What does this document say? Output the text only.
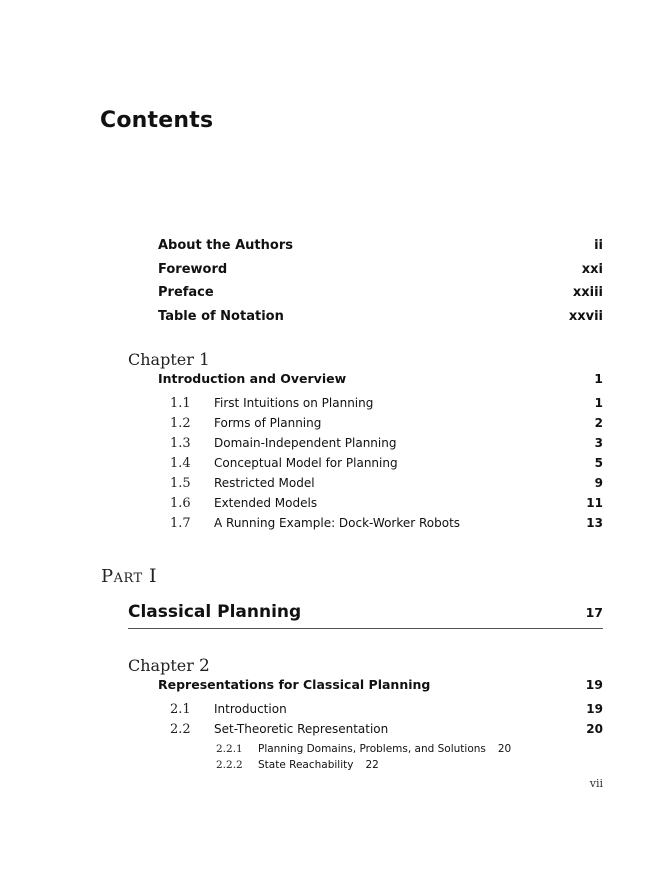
Contents
About the Authors	ii
Foreword	xxi
Preface	xxiii
Table of Notation	xxvii
Chapter 1
Introduction and Overview	1
1.1	First Intuitions on Planning	1
1.2	Forms of Planning	2
1.3	Domain-Independent Planning	3
1.4	Conceptual Model for Planning	5
1.5	Restricted Model	9
1.6	Extended Models	11
1.7	A Running Example: Dock-Worker Robots	13
Part I
Classical Planning	17
Chapter 2
Representations for Classical Planning	19
2.1	Introduction	19
2.2	Set-Theoretic Representation	20
2.2.1	Planning Domains, Problems, and Solutions 20
2.2.2	State Reachability 22
vii
